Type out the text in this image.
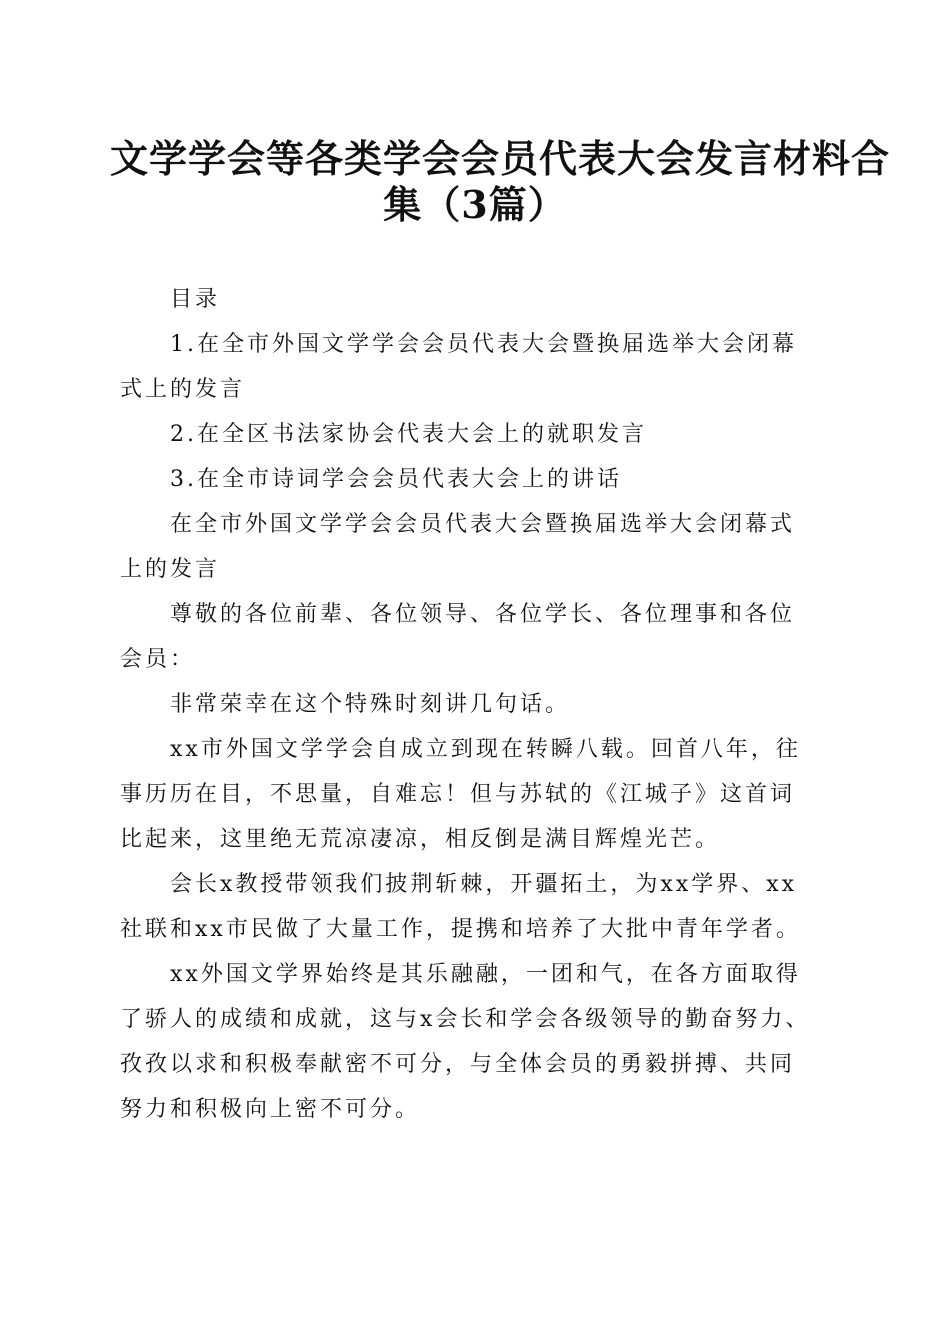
文学学会等各类学会会员代表大会发言材料合
集（3篇）
目录
1.在全市外国文学学会会员代表大会暨换届选举大会闭幕
式上的发言
2.在全区书法家协会代表大会上的就职发言
3.在全市诗词学会会员代表大会上的讲话
在全市外国文学学会会员代表大会暨换届选举大会闭幕式
上的发言
尊敬的各位前辈、各位领导、各位学长、各位理事和各位
会员：
非常荣幸在这个特殊时刻讲几句话。
xx市外国文学学会自成立到现在转瞬八载。回首八年，往
事历历在目，不思量，自难忘！但与苏轼的《江城子》这首词
比起来，这里绝无荒凉凄凉，相反倒是满目辉煌光芒。
会长x教授带领我们披荆斩棘，开疆拓土，为xx学界、xx
社联和xx市民做了大量工作，提携和培养了大批中青年学者。
xx外国文学界始终是其乐融融，一团和气，在各方面取得
了骄人的成绩和成就，这与x会长和学会各级领导的勤奋努力、
孜孜以求和积极奉献密不可分，与全体会员的勇毅拼搏、共同
努力和积极向上密不可分。
